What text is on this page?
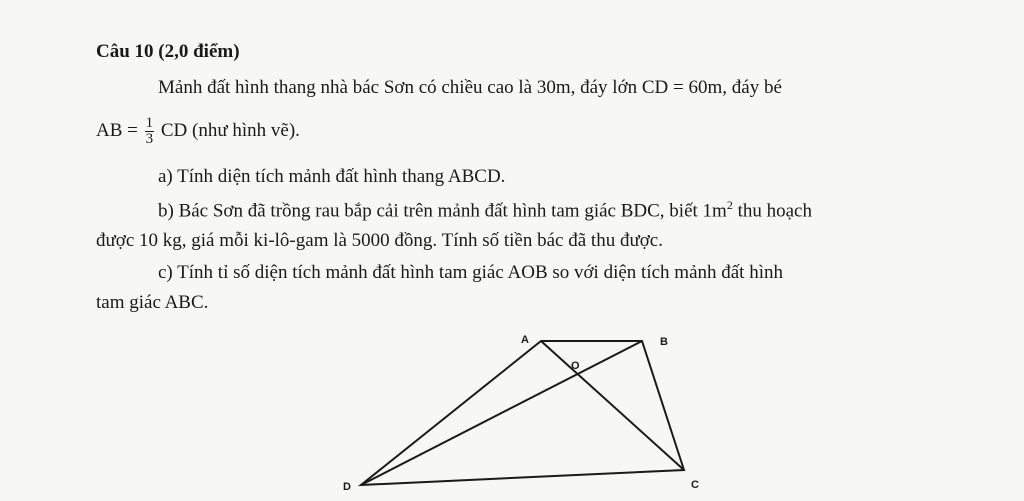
Câu 10 (2,0 điểm)
Mảnh đất hình thang nhà bác Sơn có chiều cao là 30m, đáy lớn CD = 60m, đáy bé
AB = $\frac{1}{3}$ CD (như hình vẽ).
a) Tính diện tích mảnh đất hình thang ABCD.
b) Bác Sơn đã trồng rau bắp cải trên mảnh đất hình tam giác BDC, biết $1m^2$ thu hoạch
được 10 kg, giá mỗi ki-lô-gam là 5000 đồng. Tính số tiền bác đã thu được.
c) Tính tỉ số diện tích mảnh đất hình tam giác AOB so với diện tích mảnh đất hình
tam giác ABC.
A	B
O
C
D
